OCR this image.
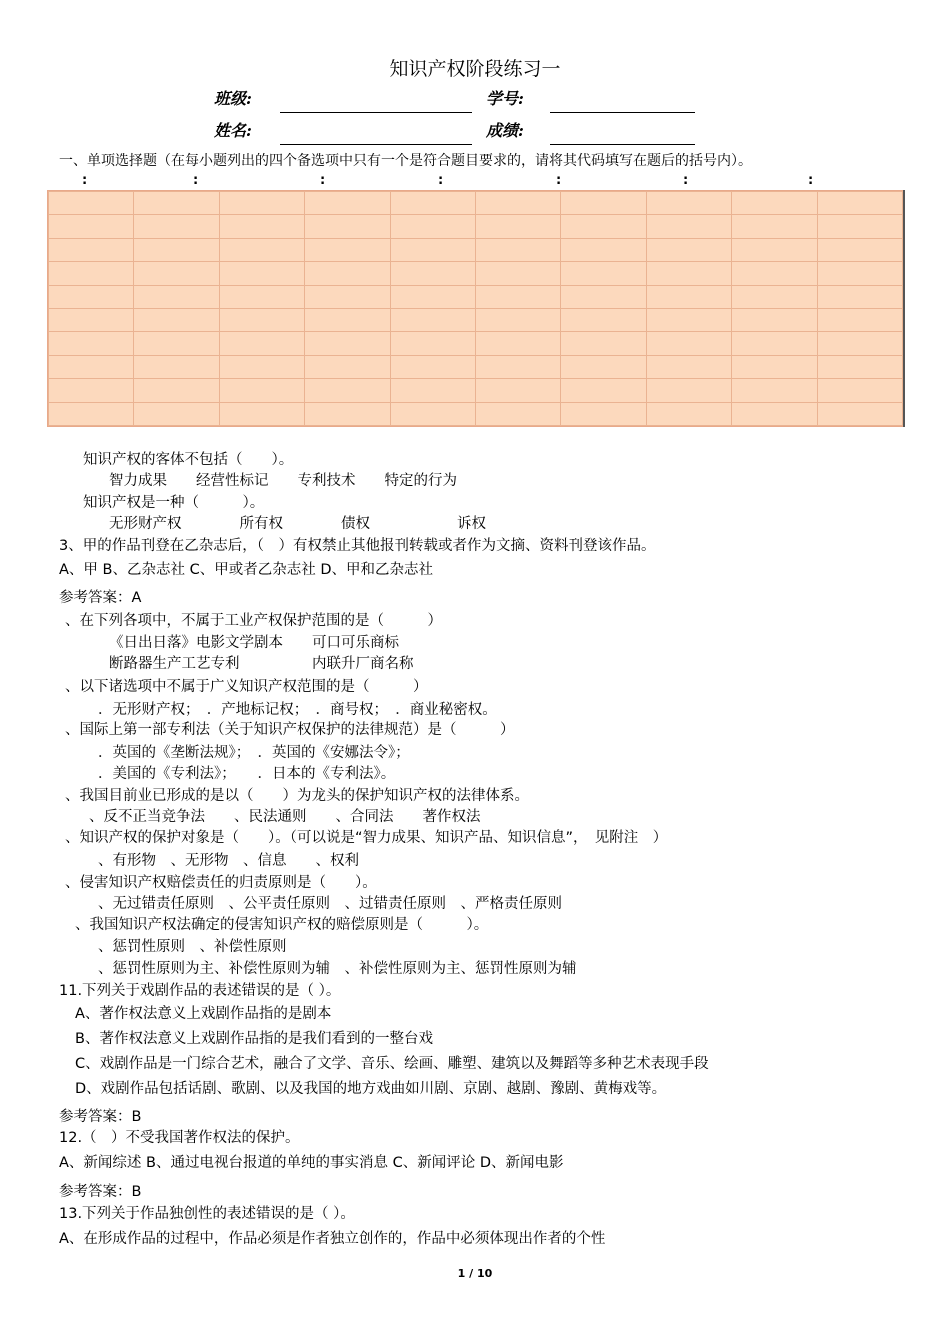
知识产权阶段练习一
班级:	学号:
姓名:	成绩:
一、单项选择题（在每小题列出的四个备选项中只有一个是符合题目要求的，请将其代码填写在题后的括号内）。
:	:	:	:	:	:	:

知识产权的客体不包括（　　）。
智力成果　　经营性标记　　专利技术　　特定的行为
知识产权是一种（　　　）。
无形财产权　　　　所有权　　　　债权　　　　　　诉权
3、甲的作品刊登在乙杂志后，（　）有权禁止其他报刊转载或者作为文摘、资料刊登该作品。
A、甲 B、乙杂志社 C、甲或者乙杂志社 D、甲和乙杂志社
参考答案：A
、在下列各项中，不属于工业产权保护范围的是（　　　）
《日出日落》电影文学剧本　　可口可乐商标
断路器生产工艺专利　　　　　内联升厂商名称
、以下诸选项中不属于广义知识产权范围的是（　　　）
．无形财产权；　．产地标记权；　．商号权；　．商业秘密权。
、国际上第一部专利法（关于知识产权保护的法律规范）是（　　　）
．英国的《垄断法规》；　．英国的《安娜法令》；
．美国的《专利法》；　　．日本的《专利法》。
、我国目前业已形成的是以（　　）为龙头的保护知识产权的法律体系。
、反不正当竞争法　　、民法通则　　、合同法　　著作权法
、知识产权的保护对象是（　　）。（可以说是“智力成果、知识产品、知识信息”，　见附注　）
、有形物　、无形物　、信息　　、权利
、侵害知识产权赔偿责任的归责原则是（　　）。
、无过错责任原则　、公平责任原则　、过错责任原则　、严格责任原则
、我国知识产权法确定的侵害知识产权的赔偿原则是（　　　）。
、惩罚性原则　、补偿性原则
、惩罚性原则为主、补偿性原则为辅　、补偿性原则为主、惩罚性原则为辅
11.下列关于戏剧作品的表述错误的是（ ）。
A、著作权法意义上戏剧作品指的是剧本
B、著作权法意义上戏剧作品指的是我们看到的一整台戏
C、戏剧作品是一门综合艺术，融合了文学、音乐、绘画、雕塑、建筑以及舞蹈等多种艺术表现手段
D、戏剧作品包括话剧、歌剧、以及我国的地方戏曲如川剧、京剧、越剧、豫剧、黄梅戏等。
参考答案：B
12.（　）不受我国著作权法的保护。
A、新闻综述 B、通过电视台报道的单纯的事实消息 C、新闻评论 D、新闻电影
参考答案：B
13.下列关于作品独创性的表述错误的是（ ）。
A、在形成作品的过程中，作品必须是作者独立创作的，作品中必须体现出作者的个性
1 / 10
